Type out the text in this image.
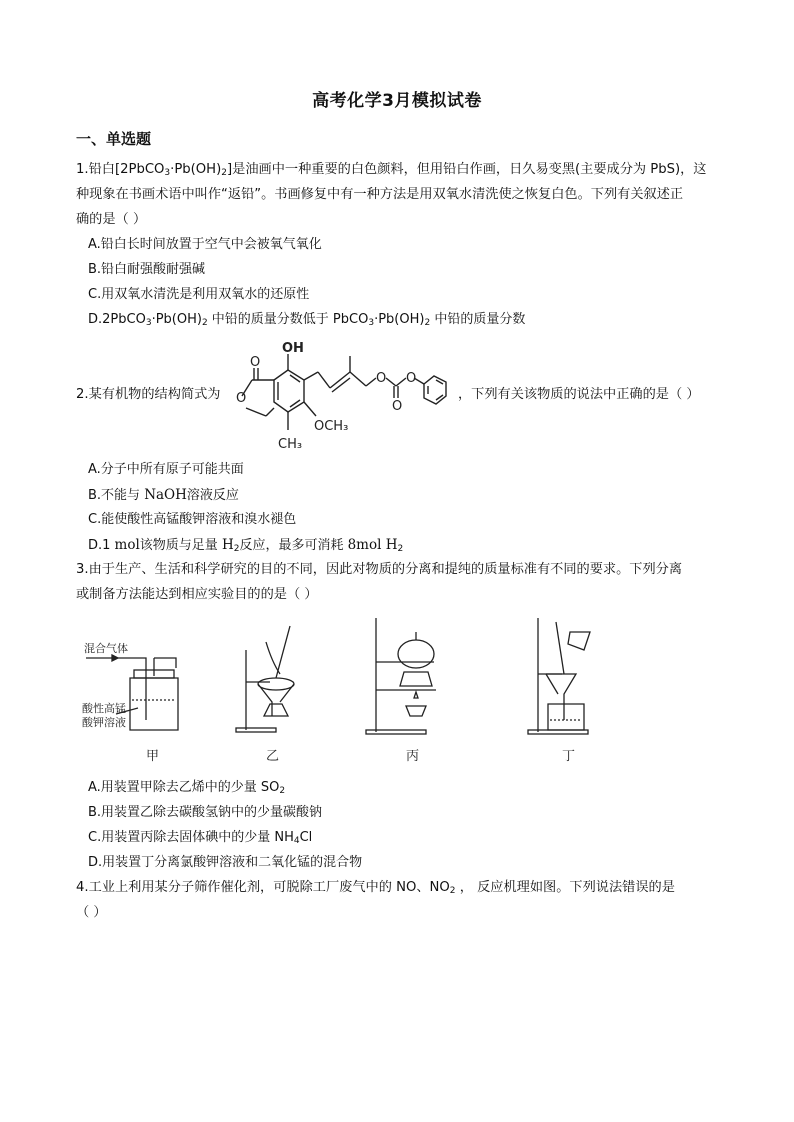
高考化学3月模拟试卷
一、单选题
1.铅白$[2PbCO_3\cdot Pb(OH)_2]$是油画中一种重要的白色颜料，但用铅白作画，日久易变黑(主要成分为 PbS)，这
种现象在书画术语中叫作“返铅”。书画修复中有一种方法是用双氧水清洗使之恢复白色。下列有关叙述正
确的是（ ）
A.铅白长时间放置于空气中会被氧气氧化
B.铅白耐强酸耐强碱
C.用双氧水清洗是利用双氧水的还原性
$D.2PbCO_3\cdot Pb(OH)_2$ 中铅的质量分数低于 $PbCO_3\cdot Pb(OH)_2$ 中铅的质量分数
2.某有机物的结构简式为 O
O
OH
OCH₃
CH₃
O O
O
，下列有关该物质的说法中正确的是（ ）
A.分子中所有原子可能共面
B.不能与 NaOH溶液反应
C.能使酸性高锰酸钾溶液和溴水褪色
D.1 mol该物质与足量 $H_2$反应，最多可消耗 8mol $H_2$
3.由于生产、生活和科学研究的目的不同，因此对物质的分离和提纯的质量标准有不同的要求。下列分离
或制备方法能达到相应实验目的的是（ ）
混合气体
酸性高锰
酸钾溶液
甲	乙	丙	丁
A.用装置甲除去乙烯中的少量 $SO_2$
B.用装置乙除去碳酸氢钠中的少量碳酸钠
C.用装置丙除去固体碘中的少量 $NH_4Cl$
D.用装置丁分离氯酸钾溶液和二氧化锰的混合物
4.工业上利用某分子筛作催化剂，可脱除工厂废气中的 NO、$NO_2$ ， 反应机理如图。下列说法错误的是
（ ）
